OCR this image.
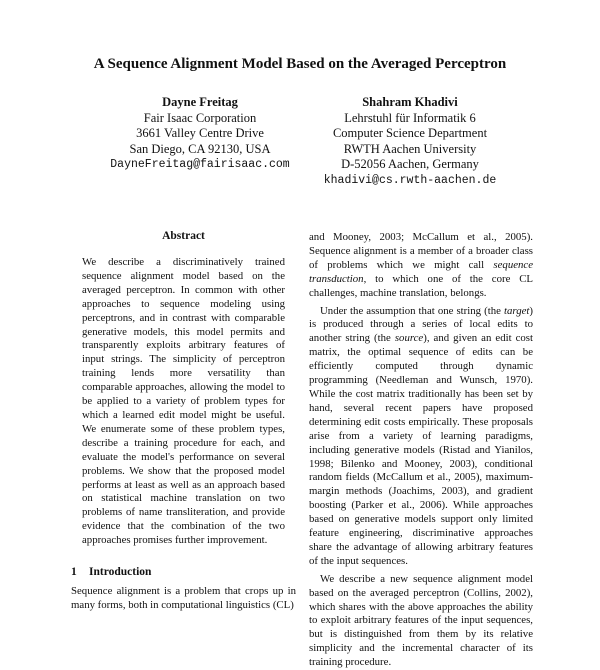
A Sequence Alignment Model Based on the Averaged Perceptron
Dayne Freitag
Fair Isaac Corporation
3661 Valley Centre Drive
San Diego, CA 92130, USA
DayneFreitag@fairisaac.com
Shahram Khadivi
Lehrstuhl für Informatik 6
Computer Science Department
RWTH Aachen University
D-52056 Aachen, Germany
khadivi@cs.rwth-aachen.de
Abstract

We describe a discriminatively trained sequence alignment model based on the averaged perceptron. In common with other approaches to sequence modeling using perceptrons, and in contrast with comparable generative models, this model permits and transparently exploits arbitrary features of input strings. The simplicity of perceptron training lends more versatility than comparable approaches, allowing the model to be applied to a variety of problem types for which a learned edit model might be useful. We enumerate some of these problem types, describe a training procedure for each, and evaluate the model's performance on several problems. We show that the proposed model performs at least as well as an approach based on statistical machine translation on two problems of name transliteration, and provide evidence that the combination of the two approaches promises further improvement.

1 Introduction

Sequence alignment is a problem that crops up in many forms, both in computational linguistics (CL)

and Mooney, 2003; McCallum et al., 2005). Sequence alignment is a member of a broader class of problems which we might call sequence transduction, to which one of the core CL challenges, machine translation, belongs.

Under the assumption that one string (the target) is produced through a series of local edits to another string (the source), and given an edit cost matrix, the optimal sequence of edits can be efficiently computed through dynamic programming (Needleman and Wunsch, 1970). While the cost matrix traditionally has been set by hand, several recent papers have proposed determining edit costs empirically. These proposals arise from a variety of learning paradigms, including generative models (Ristad and Yianilos, 1998; Bilenko and Mooney, 2003), conditional random fields (McCallum et al., 2005), maximum-margin methods (Joachims, 2003), and gradient boosting (Parker et al., 2006). While approaches based on generative models support only limited feature engineering, discriminative approaches share the advantage of allowing arbitrary features of the input sequences.

We describe a new sequence alignment model based on the averaged perceptron (Collins, 2002), which shares with the above approaches the ability to exploit arbitrary features of the input sequences, but is distinguished from them by its relative simplicity and the incremental character of its training procedure.
